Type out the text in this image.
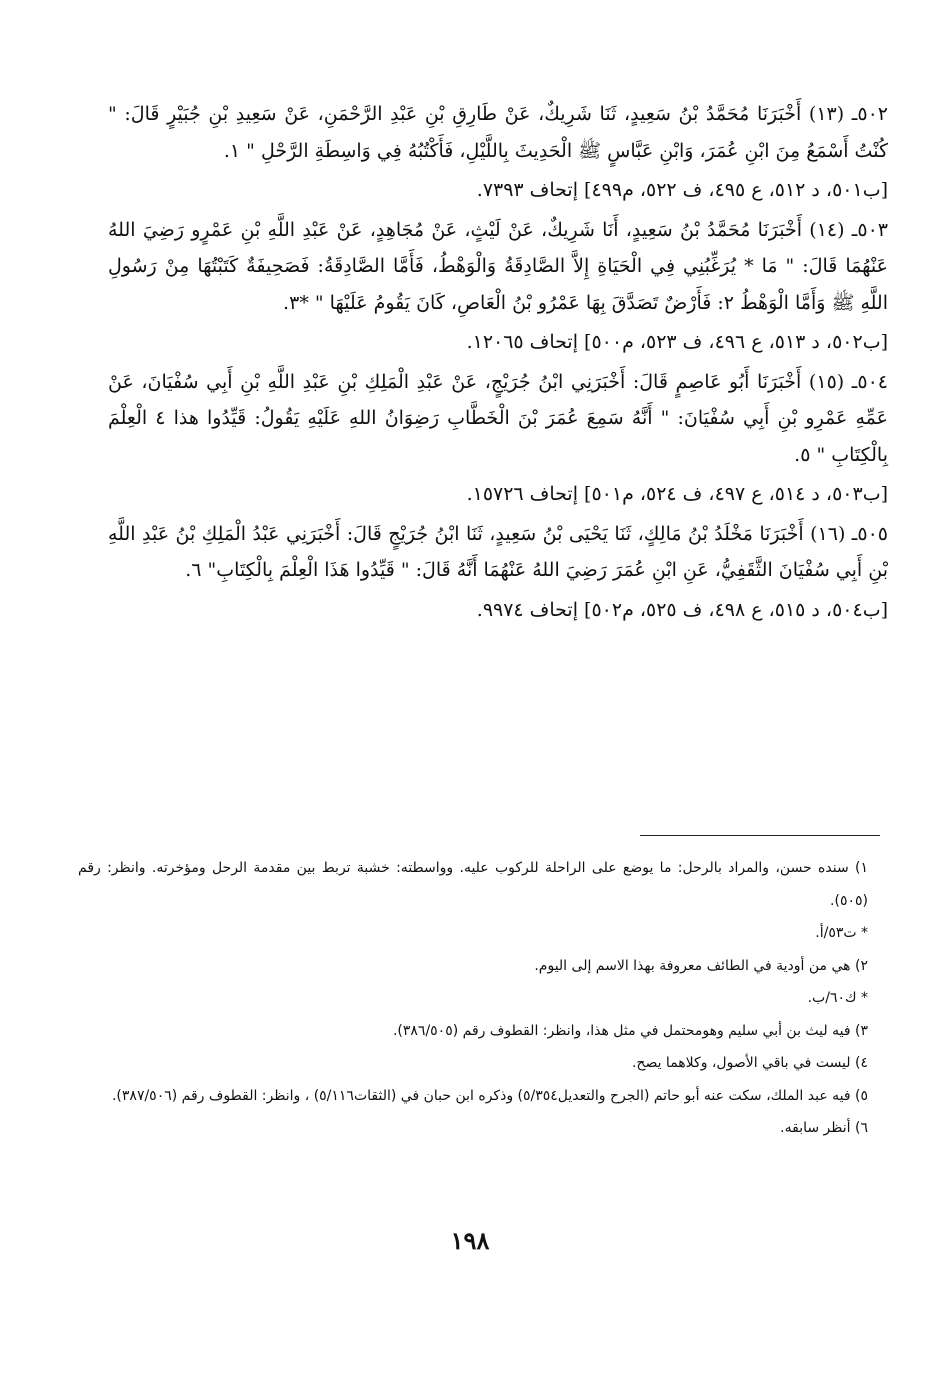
٥٠٢ـ (١٣) أَخْبَرَنَا مُحَمَّدُ بْنُ سَعِيدٍ، ثَنَا شَرِيكٌ، عَنْ طَارِقِ بْنِ عَبْدِ الرَّحْمَنِ، عَنْ سَعِيدِ بْنِ جُبَيْرٍ قَالَ: " كُنْتُ أَسْمَعُ مِنَ ابْنِ عُمَرَ، وَابْنِ عَبَّاسٍ ﷺ الْحَدِيثَ بِاللَّيْلِ، فَأَكْتُبُهُ فِي وَاسِطَةِ الرَّحْلِ " ١.

[ب٥٠١، د ٥١٢، ع ٤٩٥، ف ٥٢٢، م٤٩٩] إتحاف ٧٣٩٣.

٥٠٣ـ (١٤) أَخْبَرَنَا مُحَمَّدُ بْنُ سَعِيدٍ، أَنَا شَرِيكٌ، عَنْ لَيْثٍ، عَنْ مُجَاهِدٍ، عَنْ عَبْدِ اللَّهِ بْنِ عَمْرٍو رَضِيَ اللهُ عَنْهُمَا قَالَ: " مَا * يُرَغِّبُنِي فِي الْحَيَاةِ إِلاَّ الصَّادِقَةُ وَالْوَهْطُ، فَأَمَّا الصَّادِقَةُ: فَصَحِيفَةٌ كَتَبْتُهَا مِنْ رَسُولِ اللَّهِ ﷺ وَأَمَّا الْوَهْطُ ٢: فَأَرْضٌ تَصَدَّقَ بِهَا عَمْرُو بْنُ الْعَاصِ، كَانَ يَقُومُ عَلَيْهَا " *٣.

[ب٥٠٢، د ٥١٣، ع ٤٩٦، ف ٥٢٣، م٥٠٠] إتحاف ١٢٠٦٥.

٥٠٤ـ (١٥) أَخْبَرَنَا أَبُو عَاصِمٍ قَالَ: أَخْبَرَنِي ابْنُ جُرَيْجٍ، عَنْ عَبْدِ الْمَلِكِ بْنِ عَبْدِ اللَّهِ بْنِ أَبِي سُفْيَانَ، عَنْ عَمِّهِ عَمْرِو بْنِ أَبِي سُفْيَانَ: " أَنَّهُ سَمِعَ عُمَرَ بْنَ الْخَطَّابِ رَضِوَانُ اللهِ عَلَيْهِ يَقُولُ: قَيِّدُوا هذا ٤ الْعِلْمَ بِالْكِتَابِ " ٥.

[ب٥٠٣، د ٥١٤، ع ٤٩٧، ف ٥٢٤، م٥٠١] إتحاف ١٥٧٢٦.

٥٠٥ـ (١٦) أَخْبَرَنَا مَخْلَدُ بْنُ مَالِكٍ، ثَنَا يَحْيَى بْنُ سَعِيدٍ، ثَنَا ابْنُ جُرَيْجٍ قَالَ: أَخْبَرَنِي عَبْدُ الْمَلِكِ بْنُ عَبْدِ اللَّهِ بْنِ أَبِي سُفْيَانَ الثَّقَفِيُّ، عَنِ ابْنِ عُمَرَ رَضِيَ اللهُ عَنْهُمَا أَنَّهُ قَالَ: " قَيِّدُوا هَذَا الْعِلْمَ بِالْكِتَابِ" ٦.

[ب٥٠٤، د ٥١٥، ع ٤٩٨، ف ٥٢٥، م٥٠٢] إتحاف ٩٩٧٤.

١) سنده حسن، والمراد بالرحل: ما يوضع على الراحلة للركوب عليه. وواسطته: خشبة تربط بين مقدمة الرحل ومؤخرته. وانظر: رقم (٥٠٥).

* ت٥٣/أ.

٢) هي من أودية في الطائف معروفة بهذا الاسم إلى اليوم.

* ك٦٠/ب.

٣) فيه ليث بن أبي سليم وهومحتمل في مثل هذا، وانظر: القطوف رقم (٣٨٦/٥٠٥).

٤) ليست في باقي الأصول، وكلاهما يصح.

٥) فيه عبد الملك، سكت عنه أبو حاتم (الجرح والتعديل٥/٣٥٤) وذكره ابن حبان في (الثقات٥/١١٦) ، وانظر: القطوف رقم (٣٨٧/٥٠٦).

٦) أنظر سابقه.

١٩٨
